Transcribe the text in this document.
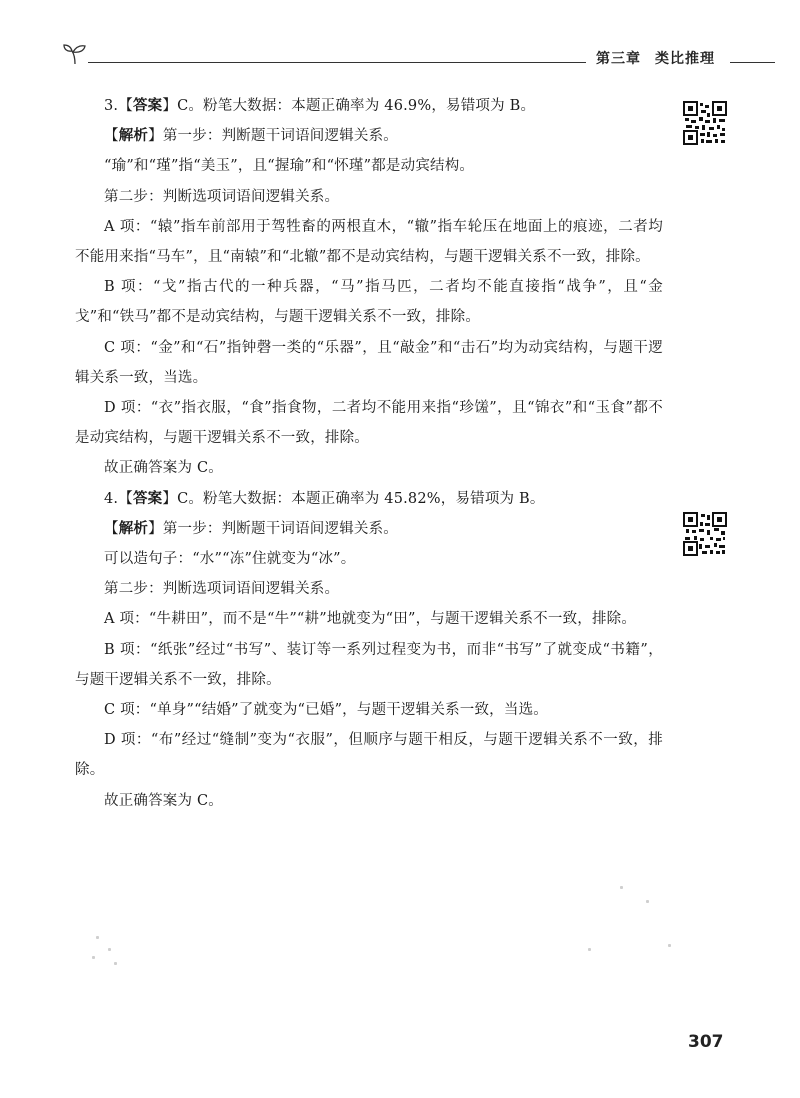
第三章 类比推理

3.【答案】C。粉笔大数据：本题正确率为 46.9%，易错项为 B。

【解析】第一步：判断题干词语间逻辑关系。

“瑜”和“瑾”指“美玉”，且“握瑜”和“怀瑾”都是动宾结构。

第二步：判断选项词语间逻辑关系。

A 项：“辕”指车前部用于驾牲畜的两根直木，“辙”指车轮压在地面上的痕迹，二者均不能用来指“马车”，且“南辕”和“北辙”都不是动宾结构，与题干逻辑关系不一致，排除。

B 项：“戈”指古代的一种兵器，“马”指马匹，二者均不能直接指“战争”，且“金戈”和“铁马”都不是动宾结构，与题干逻辑关系不一致，排除。

C 项：“金”和“石”指钟磬一类的“乐器”，且“敲金”和“击石”均为动宾结构，与题干逻辑关系一致，当选。

D 项：“衣”指衣服，“食”指食物，二者均不能用来指“珍馐”，且“锦衣”和“玉食”都不是动宾结构，与题干逻辑关系不一致，排除。

故正确答案为 C。

4.【答案】C。粉笔大数据：本题正确率为 45.82%，易错项为 B。

【解析】第一步：判断题干词语间逻辑关系。

可以造句子：“水”“冻”住就变为“冰”。

第二步：判断选项词语间逻辑关系。

A 项：“牛耕田”，而不是“牛”“耕”地就变为“田”，与题干逻辑关系不一致，排除。

B 项：“纸张”经过“书写”、装订等一系列过程变为书，而非“书写”了就变成“书籍”，与题干逻辑关系不一致，排除。

C 项：“单身”“结婚”了就变为“已婚”，与题干逻辑关系一致，当选。

D 项：“布”经过“缝制”变为“衣服”，但顺序与题干相反，与题干逻辑关系不一致，排除。

故正确答案为 C。

307
